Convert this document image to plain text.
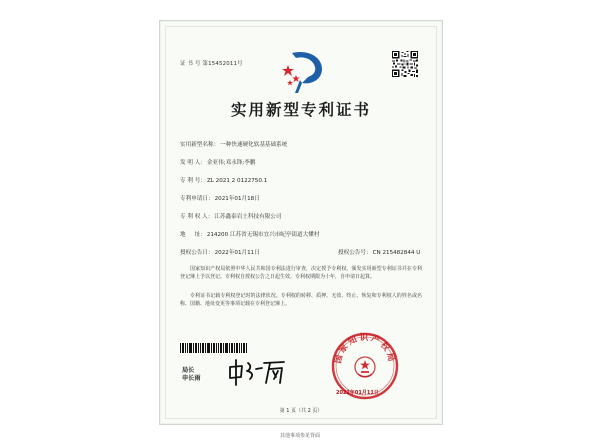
证 书 号 第15452011号
实用新型专利证书
实用新型名称：一种快速硬化软基基础系统
发 明 人：金亚伟;邓永锋;李鹏
专 利 号：ZL 2021 2 0122750.1
专利申请日：2021年01月18日
专 利 权 人：江苏鑫泰岩土科技有限公司
地址：214200 江苏省无锡市宜兴市屺亭街道大懂村
授权公告日：2022年01月11日	授权公告号：CN 215482844 U
国家知识产权局依照中华人民共和国专利法进行审查，决定授予专利权，颁发实用新型专利证书并在专利登记簿上予以登记。专利权自授权公告之日起生效。专利权期限为十年，自申请日起算。
专利证书记载专利权登记时的法律状况。专利权的转移、质押、无效、终止、恢复和专利权人的姓名或名称、国籍、地址变更等事项记载在专利登记簿上。
局长
申长雨
国家知识产权局
2022年01月11日
第 1 页（共 2 页）
其他事项参见背面
